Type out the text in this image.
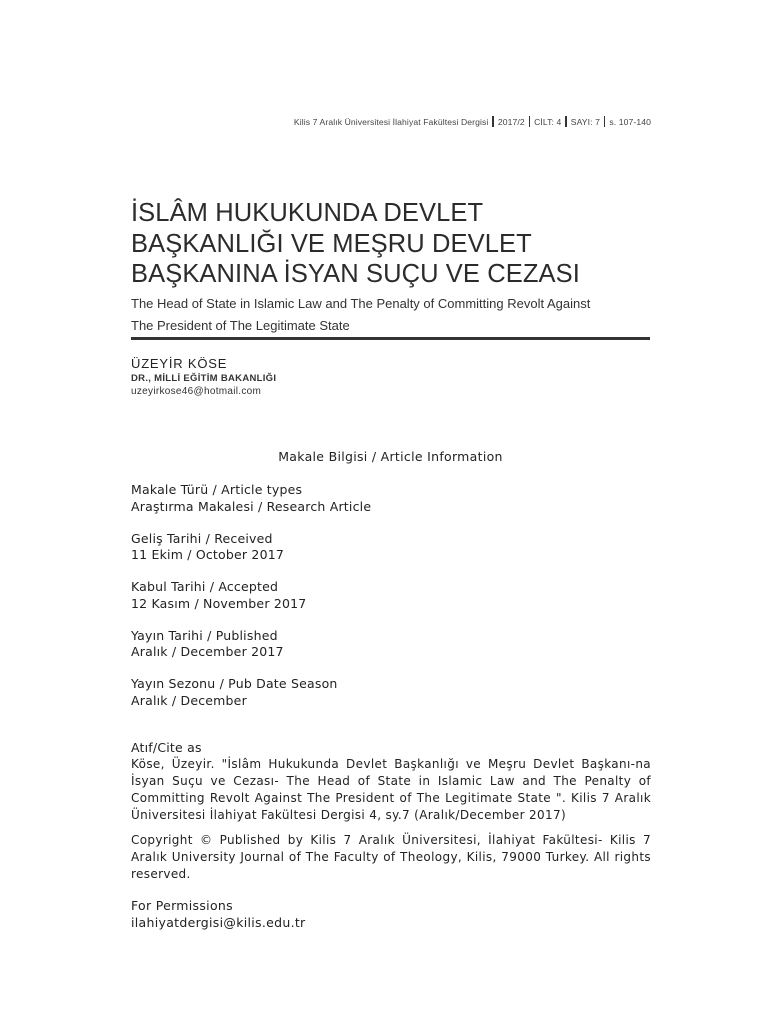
Kilis 7 Aralık Üniversitesi İlahiyat Fakültesi Dergisi 2017/2 CİLT: 4 SAYI: 7 s. 107-140
İSLÂM HUKUKUNDA DEVLET
BAŞKANLIĞI VE MEŞRU DEVLET
BAŞKANINA İSYAN SUÇU VE CEZASI
The Head of State in Islamic Law and The Penalty of Committing Revolt Against
The President of The Legitimate State
ÜZEYİR KÖSE
DR., MİLLİ EĞİTİM BAKANLIĞI
uzeyirkose46@hotmail.com
Makale Bilgisi / Article Information
Makale Türü / Article types
Araştırma Makalesi / Research Article
Geliş Tarihi / Received
11 Ekim / October 2017
Kabul Tarihi / Accepted
12 Kasım / November 2017
Yayın Tarihi / Published
Aralık / December 2017
Yayın Sezonu / Pub Date Season
Aralık / December
Atıf/Cite as
Köse, Üzeyir. "İslâm Hukukunda Devlet Başkanlığı ve Meşru Devlet Başkanı-na İsyan Suçu ve Cezası- The Head of State in Islamic Law and The Penalty of Committing Revolt Against The President of The Legitimate State ". Kilis 7 Aralık Üniversitesi İlahiyat Fakültesi Dergisi 4, sy.7 (Aralık/December 2017)
Copyright © Published by Kilis 7 Aralık Üniversitesi, İlahiyat Fakültesi- Kilis 7 Aralık University Journal of The Faculty of Theology, Kilis, 79000 Turkey. All rights reserved.
For Permissions
ilahiyatdergisi@kilis.edu.tr
